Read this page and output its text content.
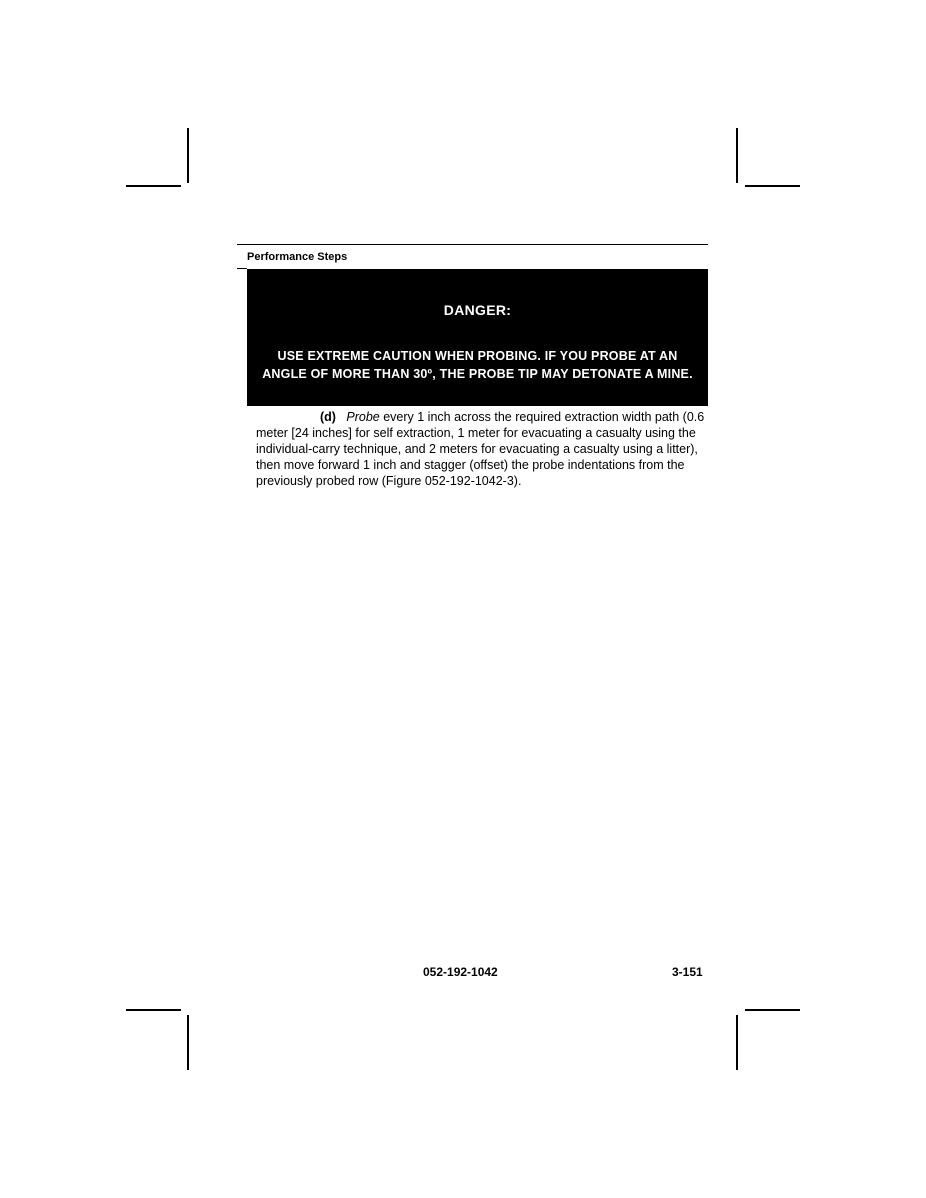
Performance Steps
DANGER:
USE EXTREME CAUTION WHEN PROBING. IF YOU PROBE AT AN ANGLE OF MORE THAN 30º, THE PROBE TIP MAY DETONATE A MINE.

(d) Probe every 1 inch across the required extraction width path (0.6 meter [24 inches] for self extraction, 1 meter for evacuating a casualty using the individual-carry technique, and 2 meters for evacuating a casualty using a litter), then move forward 1 inch and stagger (offset) the probe indentations from the previously probed row (Figure 052-192-1042-3).

052-192-1042	3-151
